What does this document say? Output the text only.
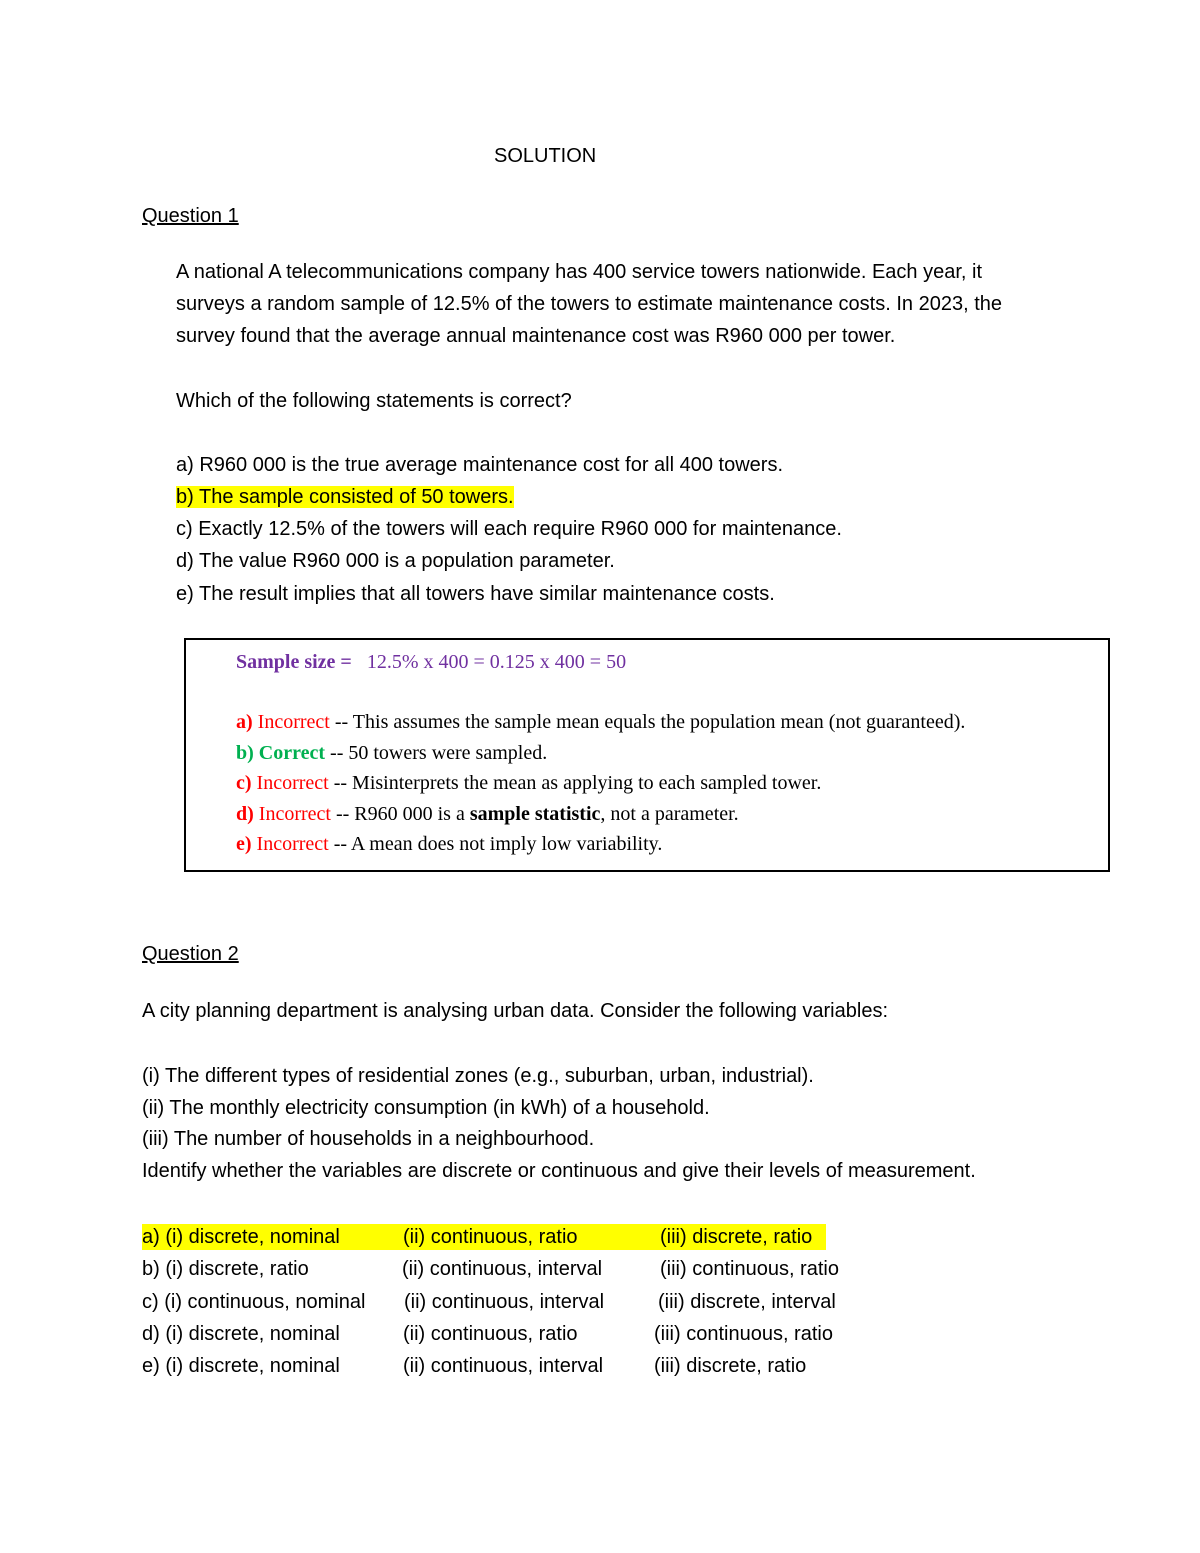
SOLUTION
Question 1
A national A telecommunications company has 400 service towers nationwide. Each year, it
surveys a random sample of 12.5% of the towers to estimate maintenance costs. In 2023, the
survey found that the average annual maintenance cost was R960 000 per tower.
Which of the following statements is correct?
a) R960 000 is the true average maintenance cost for all 400 towers.
b) The sample consisted of 50 towers.
c) Exactly 12.5% of the towers will each require R960 000 for maintenance.
d) The value R960 000 is a population parameter.
e) The result implies that all towers have similar maintenance costs.
Sample size = 12.5% x 400 = 0.125 x 400 = 50
a) Incorrect -- This assumes the sample mean equals the population mean (not guaranteed).
b) Correct -- 50 towers were sampled.
c) Incorrect -- Misinterprets the mean as applying to each sampled tower.
d) Incorrect -- R960 000 is a sample statistic, not a parameter.
e) Incorrect -- A mean does not imply low variability.
Question 2
A city planning department is analysing urban data. Consider the following variables:
(i) The different types of residential zones (e.g., suburban, urban, industrial).
(ii) The monthly electricity consumption (in kWh) of a household.
(iii) The number of households in a neighbourhood.
Identify whether the variables are discrete or continuous and give their levels of measurement.
a) (i) discrete, nominal	(ii) continuous, ratio	(iii) discrete, ratio
b) (i) discrete, ratio	(ii) continuous, interval	(iii) continuous, ratio
c) (i) continuous, nominal (ii) continuous, interval	(iii) discrete, interval
d) (i) discrete, nominal	(ii) continuous, ratio	(iii) continuous, ratio
e) (i) discrete, nominal	(ii) continuous, interval	(iii) discrete, ratio
